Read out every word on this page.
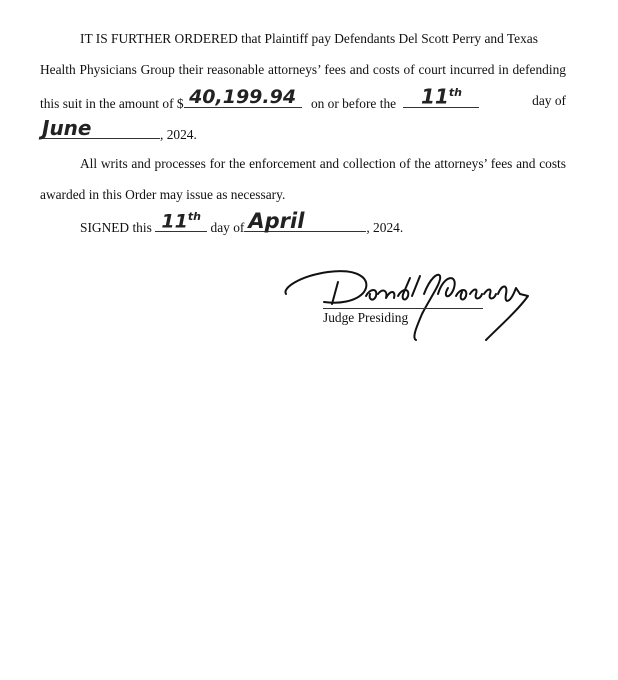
IT IS FURTHER ORDERED that Plaintiff pay Defendants Del Scott Perry and Texas
Health Physicians Group their reasonable attorneys’ fees and costs of court incurred in defending
this suit in the amount of $ 40,199.94	on or before the	11th
day of
June	, 2024.
All writs and processes for the enforcement and collection of the attorneys’ fees and costs
awarded in this Order may issue as necessary.
SIGNED this 11th
day of April	, 2024.
Judge Presiding
